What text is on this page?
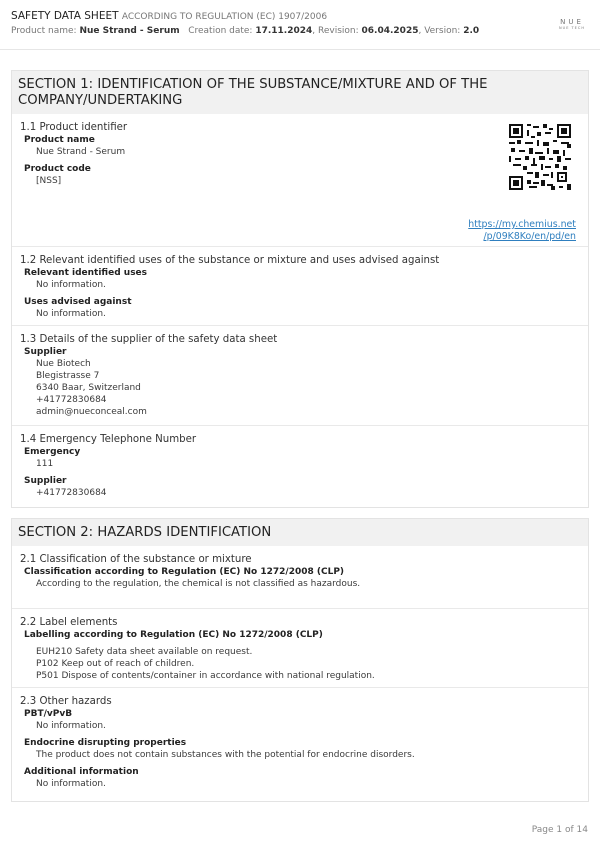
SAFETY DATA SHEET ACCORDING TO REGULATION (EC) 1907/2006
Product name: Nue Strand - Serum Creation date: 17.11.2024, Revision: 06.04.2025, Version: 2.0
NUE
NUE TECH
SECTION 1: IDENTIFICATION OF THE SUBSTANCE/MIXTURE AND OF THE COMPANY/UNDERTAKING
1.1 Product identifier
Product name
Nue Strand - Serum
Product code
[NSS]
https://my.chemius.net
/p/09K8Ko/en/pd/en
1.2 Relevant identified uses of the substance or mixture and uses advised against
Relevant identified uses
No information.
Uses advised against
No information.
1.3 Details of the supplier of the safety data sheet
Supplier
Nue Biotech
Blegistrasse 7
6340 Baar, Switzerland
+41772830684
admin@nueconceal.com
1.4 Emergency Telephone Number
Emergency
111
Supplier
+41772830684
SECTION 2: HAZARDS IDENTIFICATION
2.1 Classification of the substance or mixture
Classification according to Regulation (EC) No 1272/2008 (CLP)
According to the regulation, the chemical is not classified as hazardous.
2.2 Label elements
Labelling according to Regulation (EC) No 1272/2008 (CLP)
EUH210 Safety data sheet available on request.
P102 Keep out of reach of children.
P501 Dispose of contents/container in accordance with national regulation.
2.3 Other hazards
PBT/vPvB
No information.
Endocrine disrupting properties
The product does not contain substances with the potential for endocrine disorders.
Additional information
No information.
Page 1 of 14
